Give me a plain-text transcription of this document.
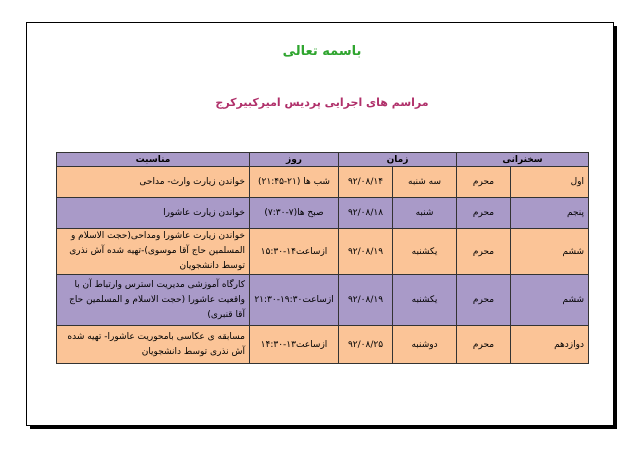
باسمه تعالی
مراسم های اجرایی پردیس امیرکبیرکرج
سخنرانی		زمان		روز	مناسبت
اول	محرم	سه شنبه	۹۲/۰۸/۱۴	شب ها (۲۱-۲۱:۴۵)	خواندن زیارت وارث- مداحی
پنجم	محرم	شنبه	۹۲/۰۸/۱۸	صبح ها(۷-۷:۳۰)	خواندن زیارت عاشورا
ششم	محرم	یکشنبه	۹۲/۰۸/۱۹	ازساعت۱۴-۱۵:۳۰	خواندن زیارت عاشورا ومداحی(حجت الاسلام و المسلمین حاج آقا موسوی)-تهیه شده آش نذری توسط دانشجویان
ششم	محرم	یکشنبه	۹۲/۰۸/۱۹	ازساعت۱۹:۳۰-۲۱:۳۰	کارگاه آموزشی مدیریت استرس وارتباط آن با واقعیت عاشورا (حجت الاسلام و المسلمین حاج آقا قنبری)
دوازدهم	محرم	دوشنبه	۹۲/۰۸/۲۵	ازساعت۱۳-۱۴:۳۰	مسابقه ی عکاسی بامحوریت عاشورا- تهیه شده آش نذری توسط دانشجویان
